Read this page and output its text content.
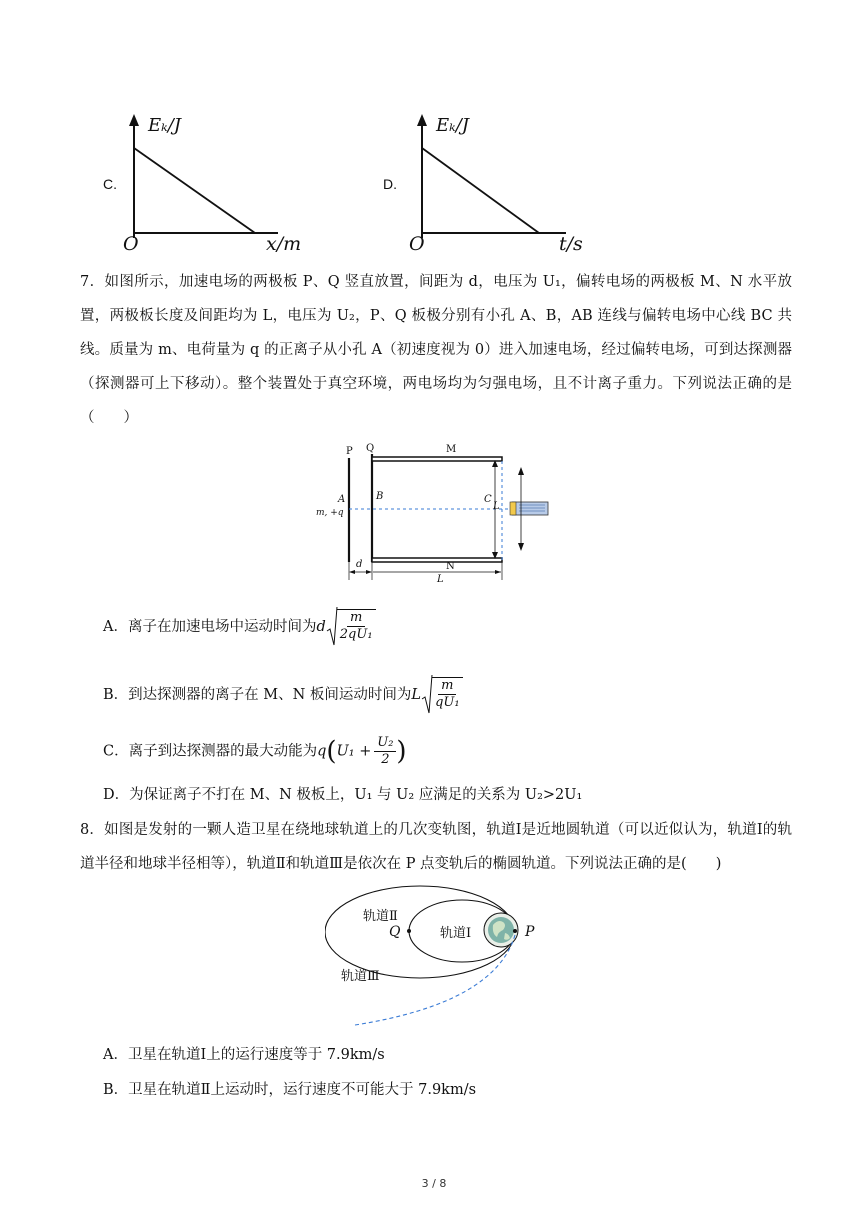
C.
Eₖ/J
x/m
O
D.
Eₖ/J
t/s
O
7．如图所示，加速电场的两极板 P、Q 竖直放置，间距为 d，电压为 U₁，偏转电场的两极板 M、N 水平放置，两极板长度及间距均为 L，电压为 U₂，P、Q 板极分别有小孔 A、B，AB 连线与偏转电场中心线 BC 共线。质量为 m、电荷量为 q 的正离子从小孔 A（初速度视为 0）进入加速电场，经过偏转电场，可到达探测器（探测器可上下移动）。整个装置处于真空环境，两电场均为匀强电场，且不计离子重力。下列说法正确的是（　　）
P Q	M
A
m, +q
B	C
L
N
d
L
A．离子在加速电场中运动时间为d $\frac{m}{\text{2qU₁}}$
B．到达探测器的离子在 M、N 板间运动时间为L $\frac{m}{\text{qU₁}}$
C．离子到达探测器的最大动能为$q(U_1 + \frac{\text{U₂}}{2}$ )
D．为保证离子不打在 M、N 极板上，U₁ 与 U₂ 应满足的关系为 U₂>2U₁
8．如图是发射的一颗人造卫星在绕地球轨道上的几次变轨图，轨道Ⅰ是近地圆轨道（可以近似认为，轨道Ⅰ的轨道半径和地球半径相等），轨道Ⅱ和轨道Ⅲ是依次在 P 点变轨后的椭圆轨道。下列说法正确的是(　　)
轨道Ⅱ
轨道Ⅰ
轨道Ⅲ
Q	P
A．卫星在轨道Ⅰ上的运行速度等于 7.9km/s
B．卫星在轨道Ⅱ上运动时，运行速度不可能大于 7.9km/s
3 / 8
